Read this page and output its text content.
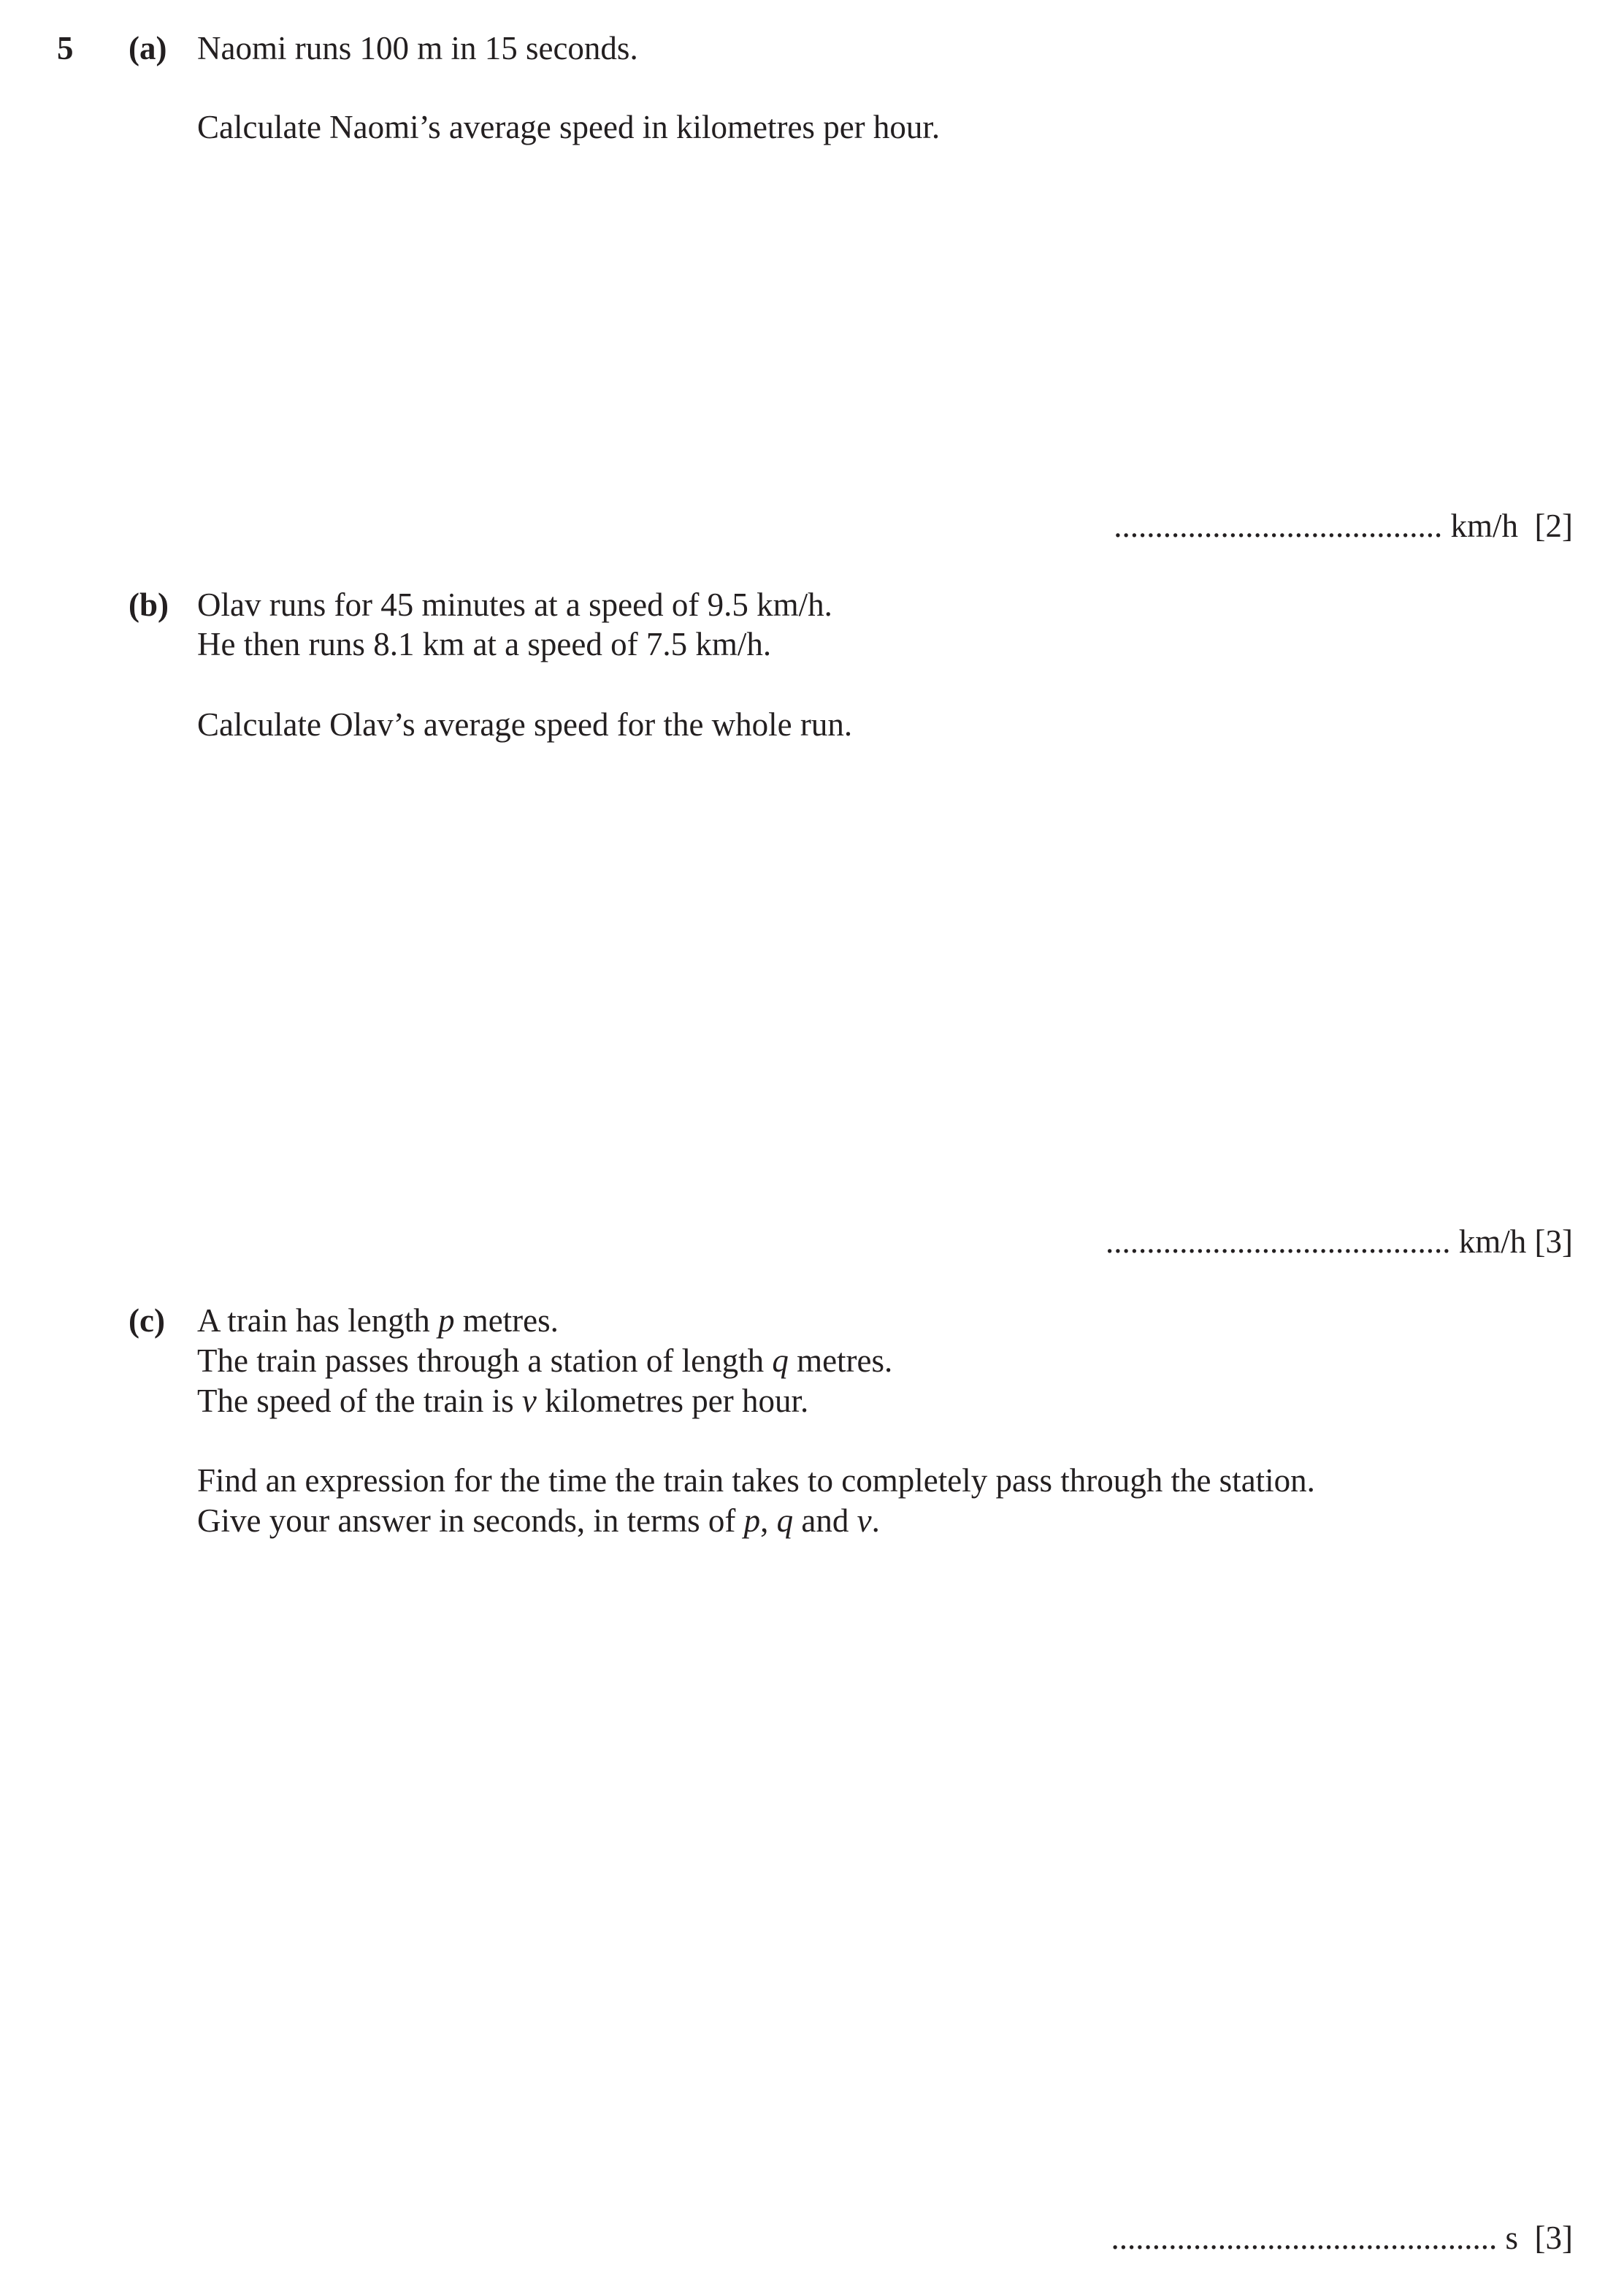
5 (a) Naomi runs 100 m in 15 seconds.
Calculate Naomi’s average speed in kilometres per hour.
........................................ km/h [2]
(b) Olav runs for 45 minutes at a speed of 9.5 km/h.
He then runs 8.1 km at a speed of 7.5 km/h.
Calculate Olav’s average speed for the whole run.
.......................................... km/h [3]
(c) A train has length p metres.
The train passes through a station of length q metres.
The speed of the train is v kilometres per hour.
Find an expression for the time the train takes to completely pass through the station.
Give your answer in seconds, in terms of p, q and v.
............................................... s [3]
